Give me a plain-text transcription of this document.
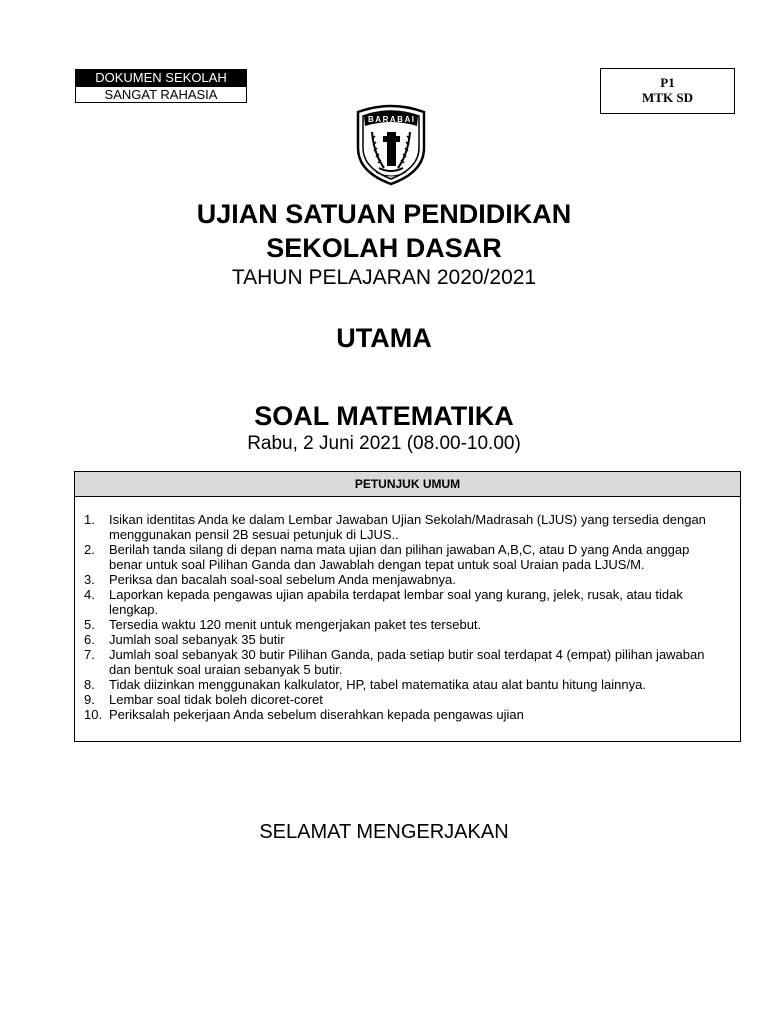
DOKUMEN SEKOLAH
SANGAT RAHASIA
P1
MTK SD
BARABAI
UJIAN SATUAN PENDIDIKAN
SEKOLAH DASAR
TAHUN PELAJARAN 2020/2021
UTAMA
SOAL MATEMATIKA
Rabu, 2 Juni 2021 (08.00-10.00)
PETUNJUK UMUM
1.	Isikan identitas Anda ke dalam Lembar Jawaban Ujian Sekolah/Madrasah (LJUS) yang tersedia dengan menggunakan pensil 2B sesuai petunjuk di LJUS..
2.	Berilah tanda silang di depan nama mata ujian dan pilihan jawaban A,B,C, atau D yang Anda anggap benar untuk soal Pilihan Ganda dan Jawablah dengan tepat untuk soal Uraian pada LJUS/M.
3.	Periksa dan bacalah soal-soal sebelum Anda menjawabnya.
4.	Laporkan kepada pengawas ujian apabila terdapat lembar soal yang kurang, jelek, rusak, atau tidak lengkap.
5.	Tersedia waktu 120 menit untuk mengerjakan paket tes tersebut.
6.	Jumlah soal sebanyak 35 butir
7.	Jumlah soal sebanyak 30 butir Pilihan Ganda, pada setiap butir soal terdapat 4 (empat) pilihan jawaban dan bentuk soal uraian sebanyak 5 butir.
8.	Tidak diizinkan menggunakan kalkulator, HP, tabel matematika atau alat bantu hitung lainnya.
9.	Lembar soal tidak boleh dicoret-coret
10. Periksalah pekerjaan Anda sebelum diserahkan kepada pengawas ujian
SELAMAT MENGERJAKAN
